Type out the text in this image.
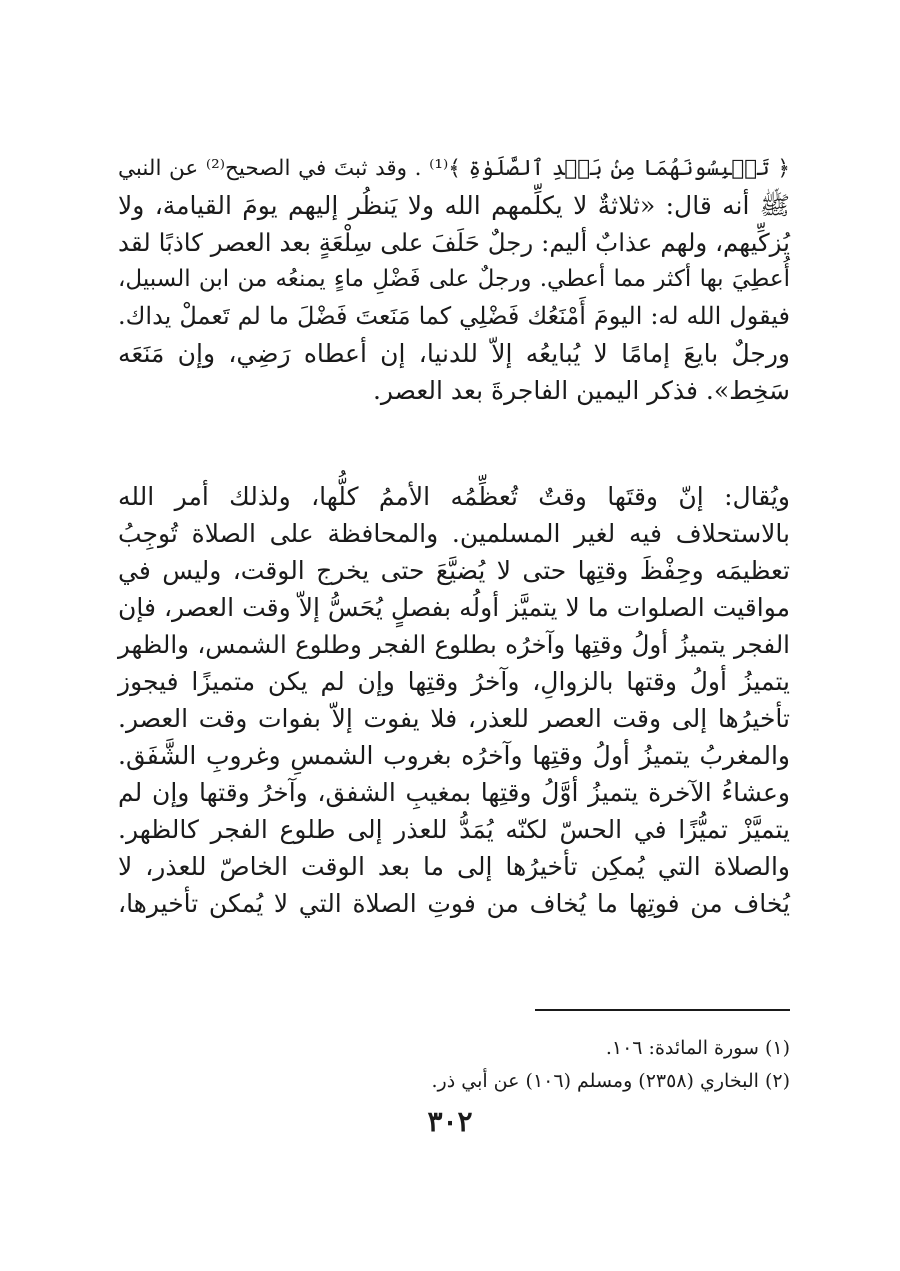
﴿ تَحۡبِسُونَهُمَا مِنۢ بَعۡدِ ٱلصَّلَوٰةِ ﴾⁽¹⁾ . وقد ثبتَ في الصحيح⁽²⁾ عن النبي
ﷺ أنه قال: «ثلاثةٌ لا يكلِّمهم الله ولا يَنظُر إليهم يومَ القيامة، ولا
يُزكِّيهم، ولهم عذابٌ أليم: رجلٌ حَلَفَ على سِلْعَةٍ بعد العصر كاذبًا لقد
أُعطِيَ بها أكثر مما أعطي. ورجلٌ على فَضْلِ ماءٍ يمنعُه من ابن السبيل،
فيقول الله له: اليومَ أَمْنَعُك فَضْلِي كما مَنَعتَ فَضْلَ ما لم تَعملْ يداك.
ورجلٌ بايعَ إمامًا لا يُبايعُه إلاّ للدنيا، إن أعطاه رَضِي، وإن مَنَعَه
سَخِط». فذكر اليمين الفاجرةَ بعد العصر.
ويُقال: إنّ وقتَها وقتٌ تُعظِّمُه الأممُ كلُّها، ولذلك أمر الله
بالاستحلاف فيه لغير المسلمين. والمحافظة على الصلاة تُوجِبُ
تعظيمَه وحِفْظَ وقتِها حتى لا يُضيَّعَ حتى يخرج الوقت، وليس في
مواقيت الصلوات ما لا يتميَّز أولُه بفصلٍ يُحَسُّ إلاّ وقت العصر، فإن
الفجر يتميزُ أولُ وقتِها وآخرُه بطلوع الفجر وطلوع الشمس، والظهر
يتميزُ أولُ وقتها بالزوالِ، وآخرُ وقتِها وإن لم يكن متميزًا فيجوز
تأخيرُها إلى وقت العصر للعذر، فلا يفوت إلاّ بفوات وقت العصر.
والمغربُ يتميزُ أولُ وقتِها وآخرُه بغروب الشمسِ وغروبِ الشَّفَق.
وعشاءُ الآخرة يتميزُ أوَّلُ وقتِها بمغيبِ الشفق، وآخرُ وقتها وإن لم
يتميَّزْ تميُّزًا في الحسّ لكنّه يُمَدُّ للعذر إلى طلوع الفجر كالظهر.
والصلاة التي يُمكِن تأخيرُها إلى ما بعد الوقت الخاصّ للعذر، لا
يُخاف من فوتِها ما يُخاف من فوتِ الصلاة التي لا يُمكن تأخيرها،
(١) سورة المائدة: ١٠٦.
(٢) البخاري (٢٣٥٨) ومسلم (١٠٦) عن أبي ذر.
٣٠٢
